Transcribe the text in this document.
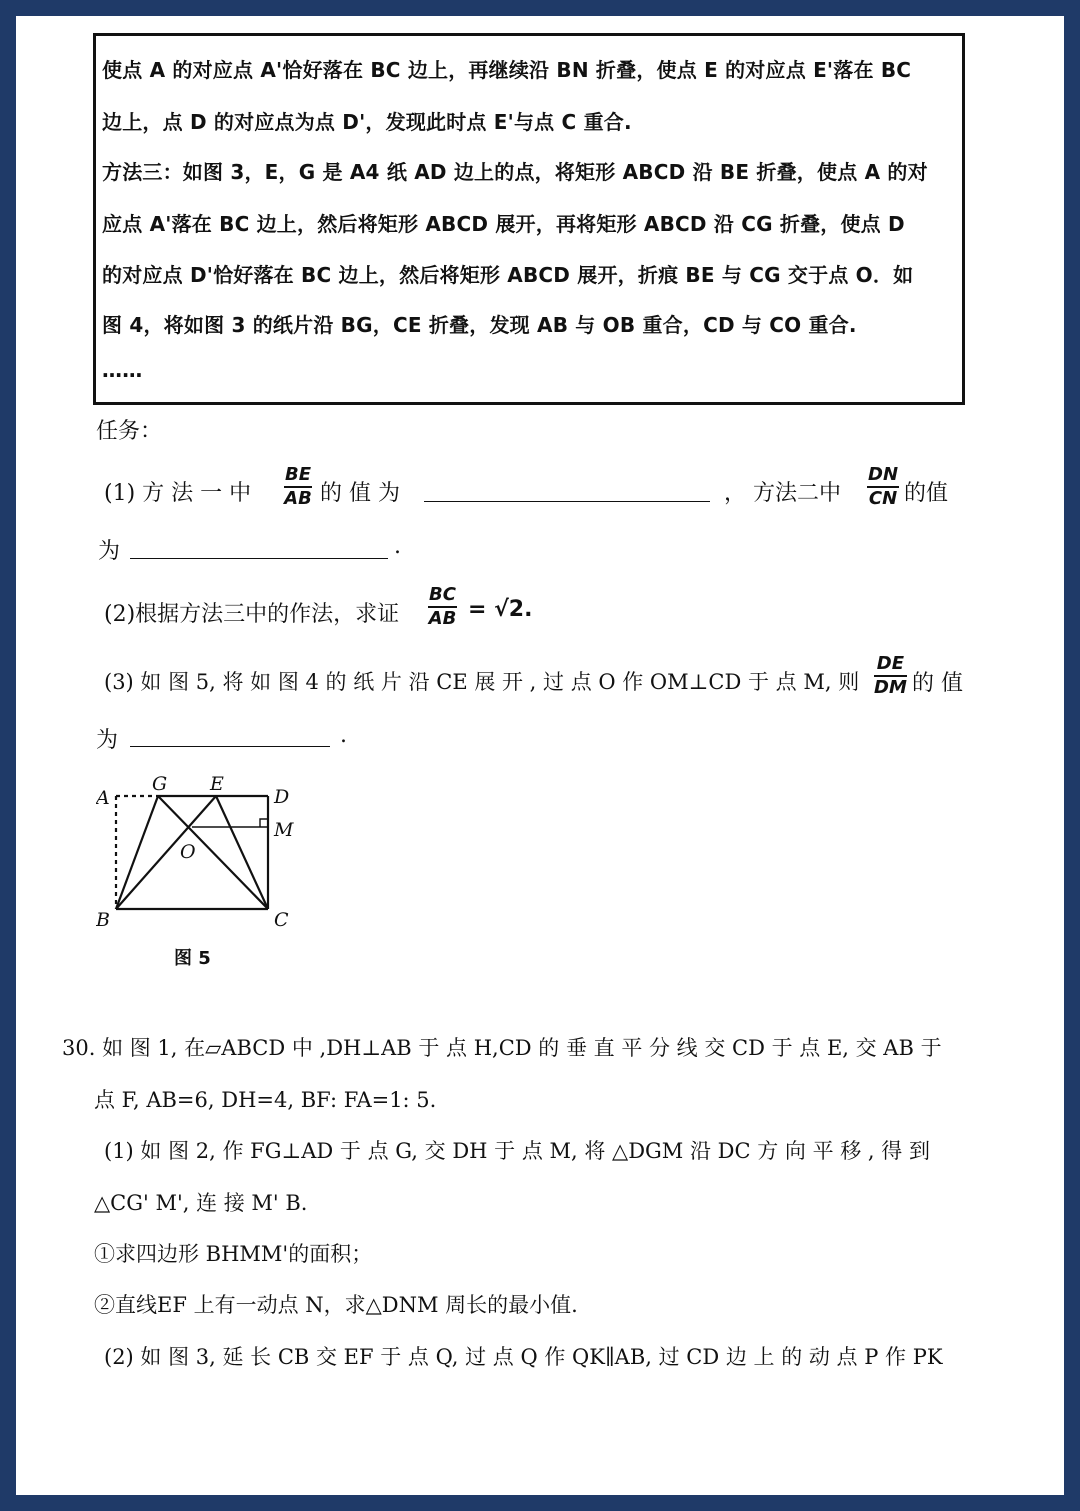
使点 A 的对应点 A'恰好落在 BC 边上，再继续沿 BN 折叠，使点 E 的对应点 E'落在 BC
边上，点 D 的对应点为点 D'，发现此时点 E'与点 C 重合.
方法三：如图 3，E，G 是 A4 纸 AD 边上的点，将矩形 ABCD 沿 BE 折叠，使点 A 的对
应点 A'落在 BC 边上，然后将矩形 ABCD 展开，再将矩形 ABCD 沿 CG 折叠，使点 D
的对应点 D'恰好落在 BC 边上，然后将矩形 ABCD 展开，折痕 BE 与 CG 交于点 O．如
图 4，将如图 3 的纸片沿 BG，CE 折叠，发现 AB 与 OB 重合，CD 与 CO 重合.
……
任务：
(1) 方 法 一 中 $\frac{BE}{AB}$ 的 值 为	， 方法二中 $\frac{DN}{CN}$ 的值
为	.
(2)根据方法三中的作法，求证 $\frac{BC}{AB} = √2$.
(3) 如 图 5, 将 如 图 4 的 纸 片 沿 CE 展 开 , 过 点 O 作 OM⊥CD 于 点 M, 则 $\frac{DE}{DM}$ 的 值
为	.
A
G E
D
M
O
B	C
图 5
30. 如 图 1, 在▱ABCD 中 ,DH⊥AB 于 点 H,CD 的 垂 直 平 分 线 交 CD 于 点 E, 交 AB 于
点 F, AB=6, DH=4, BF: FA=1: 5.
(1) 如 图 2, 作 FG⊥AD 于 点 G, 交 DH 于 点 M, 将 △DGM 沿 DC 方 向 平 移 , 得 到
△CG' M', 连 接 M' B.
①求四边形 BHMM'的面积；
②直线EF 上有一动点 N，求△DNM 周长的最小值.
(2) 如 图 3, 延 长 CB 交 EF 于 点 Q, 过 点 Q 作 QK∥AB, 过 CD 边 上 的 动 点 P 作 PK
